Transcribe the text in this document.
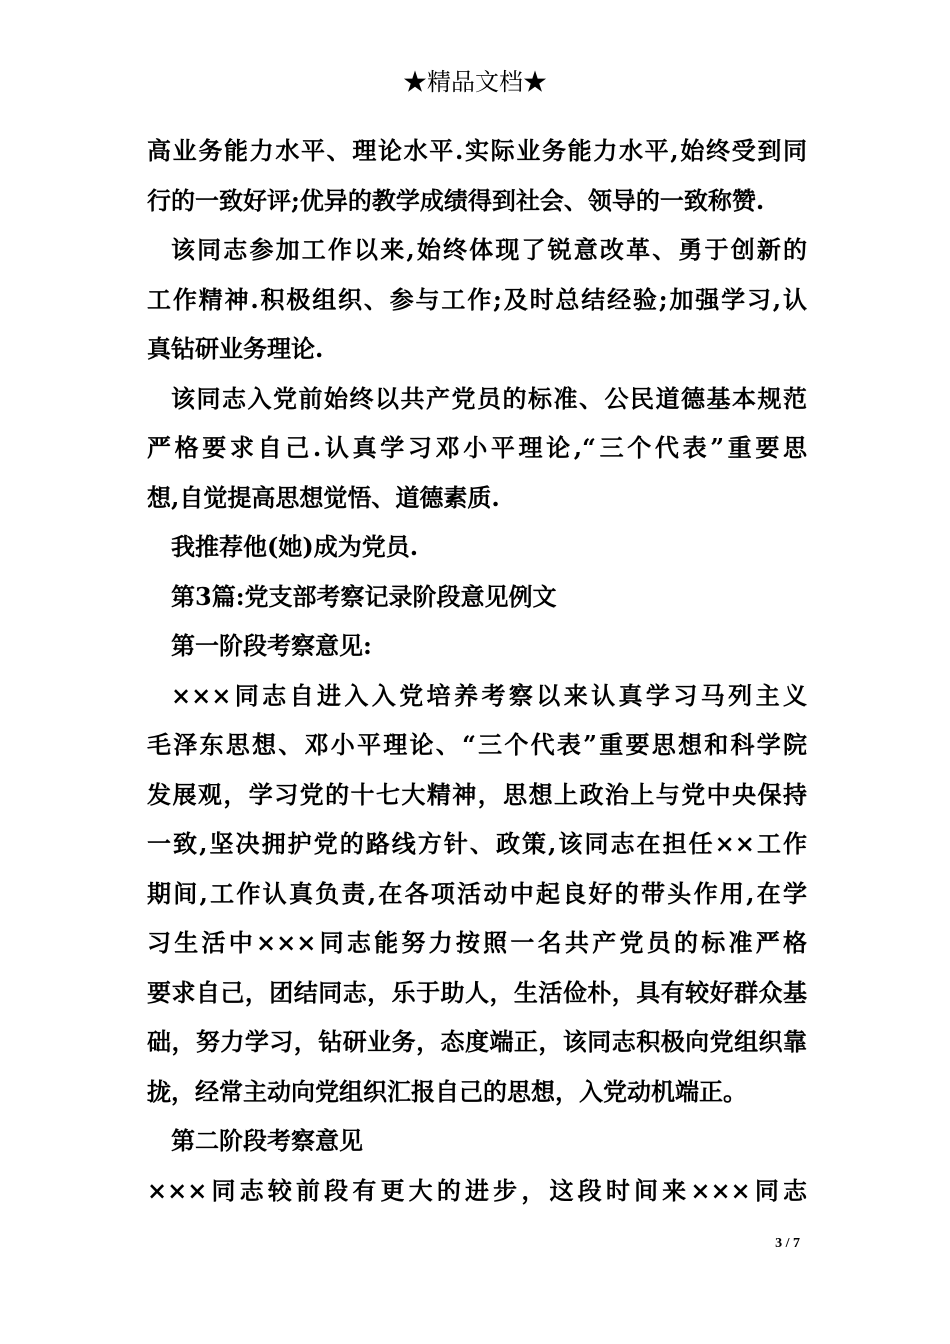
★精品文档★
高业务能力水平、理论水平.实际业务能力水平,始终受到同
行的一致好评;优异的教学成绩得到社会、领导的一致称赞.
该同志参加工作以来,始终体现了锐意改革、勇于创新的
工作精神.积极组织、参与工作;及时总结经验;加强学习,认
真钻研业务理论.
该同志入党前始终以共产党员的标准、公民道德基本规范
严格要求自己.认真学习邓小平理论,“三个代表”重要思
想,自觉提高思想觉悟、道德素质.
我推荐他(她)成为党员.
第3篇:党支部考察记录阶段意见例文
第一阶段考察意见:
×××同志自进入入党培养考察以来认真学习马列主义
毛泽东思想、邓小平理论、“三个代表”重要思想和科学院
发展观，学习党的十七大精神，思想上政治上与党中央保持
一致,坚决拥护党的路线方针、政策,该同志在担任××工作
期间,工作认真负责,在各项活动中起良好的带头作用,在学
习生活中×××同志能努力按照一名共产党员的标准严格
要求自己，团结同志，乐于助人，生活俭朴，具有较好群众基
础，努力学习，钻研业务，态度端正，该同志积极向党组织靠
拢，经常主动向党组织汇报自己的思想，入党动机端正。
第二阶段考察意见
×××同志较前段有更大的进步，这段时间来×××同志
3 / 7
